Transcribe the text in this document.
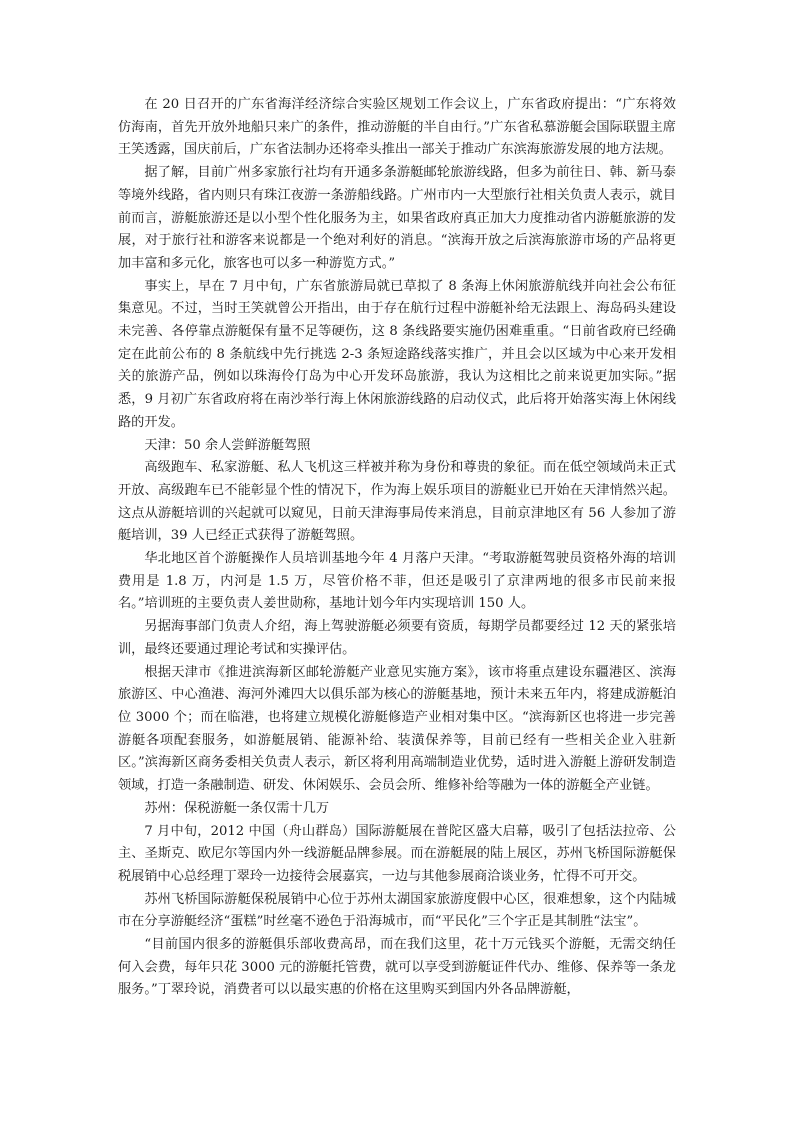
在 20 日召开的广东省海洋经济综合实验区规划工作会议上，广东省政府提出：“广东将效仿海南，首先开放外地船只来广的条件，推动游艇的半自由行。”广东省私慕游艇会国际联盟主席王笑透露，国庆前后，广东省法制办还将牵头推出一部关于推动广东滨海旅游发展的地方法规。

据了解，目前广州多家旅行社均有开通多条游艇邮轮旅游线路，但多为前往日、韩、新马泰等境外线路，省内则只有珠江夜游一条游船线路。广州市内一大型旅行社相关负责人表示，就目前而言，游艇旅游还是以小型个性化服务为主，如果省政府真正加大力度推动省内游艇旅游的发展，对于旅行社和游客来说都是一个绝对利好的消息。“滨海开放之后滨海旅游市场的产品将更加丰富和多元化，旅客也可以多一种游览方式。”

事实上，早在 7 月中旬，广东省旅游局就已草拟了 8 条海上休闲旅游航线并向社会公布征集意见。不过，当时王笑就曾公开指出，由于存在航行过程中游艇补给无法跟上、海岛码头建设未完善、各停靠点游艇保有量不足等硬伤，这 8 条线路要实施仍困难重重。“日前省政府已经确定在此前公布的 8 条航线中先行挑选 2-3 条短途路线落实推广，并且会以区域为中心来开发相关的旅游产品，例如以珠海伶仃岛为中心开发环岛旅游，我认为这相比之前来说更加实际。”据悉，9 月初广东省政府将在南沙举行海上休闲旅游线路的启动仪式，此后将开始落实海上休闲线路的开发。

天津：50 余人尝鲜游艇驾照

高级跑车、私家游艇、私人飞机这三样被并称为身份和尊贵的象征。而在低空领域尚未正式开放、高级跑车已不能彰显个性的情况下，作为海上娱乐项目的游艇业已开始在天津悄然兴起。这点从游艇培训的兴起就可以窥见，日前天津海事局传来消息，目前京津地区有 56 人参加了游艇培训，39 人已经正式获得了游艇驾照。

华北地区首个游艇操作人员培训基地今年 4 月落户天津。“考取游艇驾驶员资格外海的培训费用是 1.8 万，内河是 1.5 万，尽管价格不菲，但还是吸引了京津两地的很多市民前来报名。”培训班的主要负责人姜世勋称，基地计划今年内实现培训 150 人。

另据海事部门负责人介绍，海上驾驶游艇必须要有资质，每期学员都要经过 12 天的紧张培训，最终还要通过理论考试和实操评估。

根据天津市《推进滨海新区邮轮游艇产业意见实施方案》，该市将重点建设东疆港区、滨海旅游区、中心渔港、海河外滩四大以俱乐部为核心的游艇基地，预计未来五年内，将建成游艇泊位 3000 个；而在临港，也将建立规模化游艇修造产业相对集中区。“滨海新区也将进一步完善游艇各项配套服务，如游艇展销、能源补给、装潢保养等，目前已经有一些相关企业入驻新区。”滨海新区商务委相关负责人表示，新区将利用高端制造业优势，适时进入游艇上游研发制造领域，打造一条融制造、研发、休闲娱乐、会员会所、维修补给等融为一体的游艇全产业链。

苏州：保税游艇一条仅需十几万

7 月中旬，2012 中国（舟山群岛）国际游艇展在普陀区盛大启幕，吸引了包括法拉帝、公主、圣斯克、欧尼尔等国内外一线游艇品牌参展。而在游艇展的陆上展区，苏州飞桥国际游艇保税展销中心总经理丁翠玲一边接待会展嘉宾，一边与其他参展商洽谈业务，忙得不可开交。

苏州飞桥国际游艇保税展销中心位于苏州太湖国家旅游度假中心区，很难想象，这个内陆城市在分享游艇经济“蛋糕”时丝毫不逊色于沿海城市，而“平民化”三个字正是其制胜“法宝”。

“目前国内很多的游艇俱乐部收费高昂，而在我们这里，花十万元钱买个游艇，无需交纳任何入会费，每年只花 3000 元的游艇托管费，就可以享受到游艇证件代办、维修、保养等一条龙服务。”丁翠玲说，消费者可以以最实惠的价格在这里购买到国内外各品牌游艇，
